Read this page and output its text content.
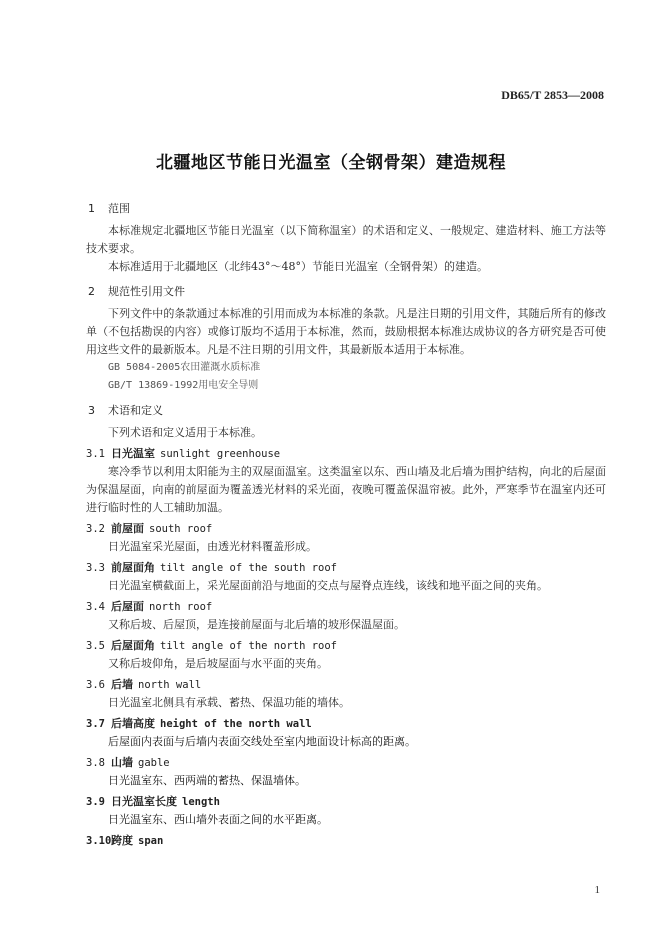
DB65/T 2853—2008
北疆地区节能日光温室（全钢骨架）建造规程
1 范围
本标准规定北疆地区节能日光温室（以下简称温室）的术语和定义、一般规定、建造材料、施工方法等技术要求。
本标准适用于北疆地区（北纬43°～48°）节能日光温室（全钢骨架）的建造。
2 规范性引用文件
下列文件中的条款通过本标准的引用而成为本标准的条款。凡是注日期的引用文件，其随后所有的修改单（不包括勘误的内容）或修订版均不适用于本标准，然而，鼓励根据本标准达成协议的各方研究是否可使用这些文件的最新版本。凡是不注日期的引用文件，其最新版本适用于本标准。
GB 5084-2005农田灌溉水质标准
GB/T 13869-1992用电安全导则
3 术语和定义
下列术语和定义适用于本标准。
3.1 日光温室 sunlight greenhouse
寒冷季节以利用太阳能为主的双屋面温室。这类温室以东、西山墙及北后墙为围护结构，向北的后屋面为保温屋面，向南的前屋面为覆盖透光材料的采光面，夜晚可覆盖保温帘被。此外，严寒季节在温室内还可进行临时性的人工辅助加温。
3.2 前屋面 south roof
日光温室采光屋面，由透光材料覆盖形成。
3.3 前屋面角 tilt angle of the south roof
日光温室横截面上，采光屋面前沿与地面的交点与屋脊点连线，该线和地平面之间的夹角。
3.4 后屋面 north roof
又称后坡、后屋顶，是连接前屋面与北后墙的坡形保温屋面。
3.5 后屋面角 tilt angle of the north roof
又称后坡仰角，是后坡屋面与水平面的夹角。
3.6 后墙 north wall
日光温室北侧具有承载、蓄热、保温功能的墙体。
3.7 后墙高度 height of the north wall
后屋面内表面与后墙内表面交线处至室内地面设计标高的距离。
3.8 山墙 gable
日光温室东、西两端的蓄热、保温墙体。
3.9 日光温室长度 length
日光温室东、西山墙外表面之间的水平距离。
3.10跨度 span
1
